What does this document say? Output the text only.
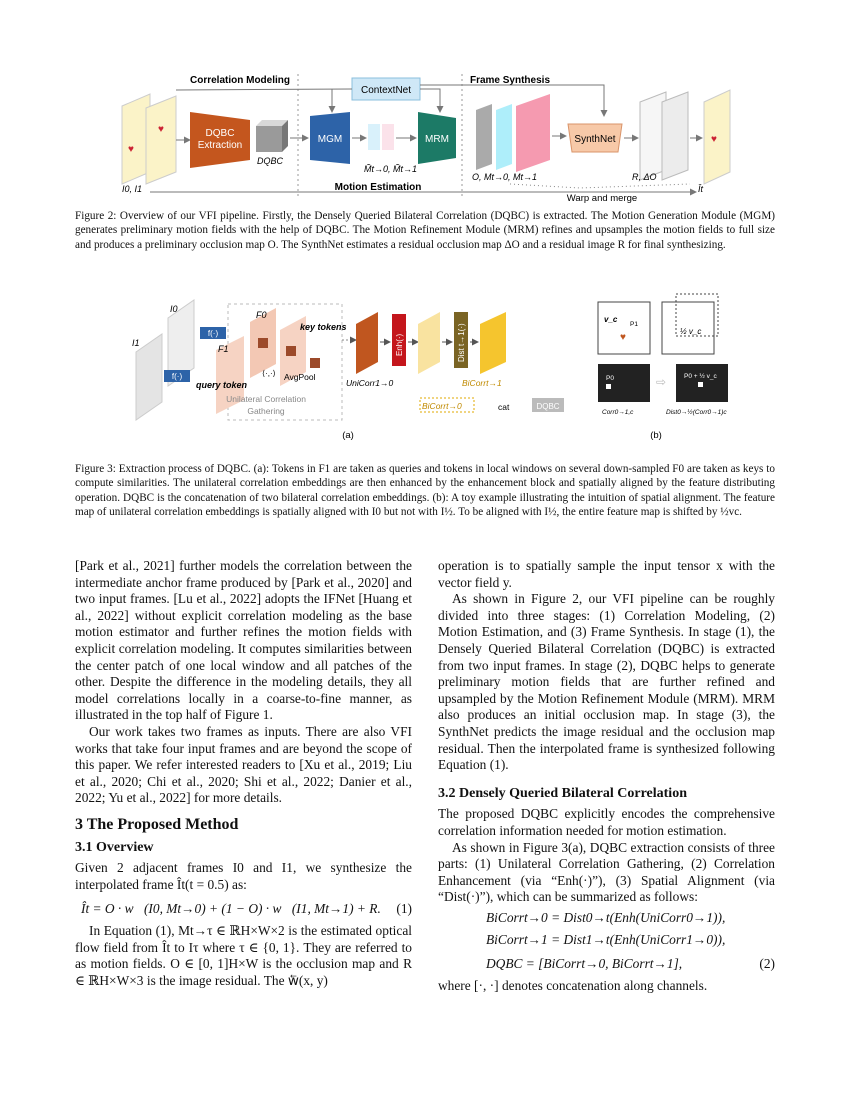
Correlation Modeling	Frame Synthesis
♥
♥
I0, I1
DQBC
Extraction
DQBC
ContextNet
MGM
M̃t→0, M̃t→1
MRM
O, Mt→0, Mt→1
SynthNet
R, ΔO
♥
Ît
Motion Estimation
Warp and merge
Figure 2: Overview of our VFI pipeline. Firstly, the Densely Queried Bilateral Correlation (DQBC) is extracted. The Motion Generation Module (MGM) generates preliminary motion fields with the help of DQBC. The Motion Refinement Module (MRM) refines and upsamples the motion fields to full size and produces a preliminary occlusion map O. The SynthNet estimates a residual occlusion map ΔO and a residual image R for final synthesizing.
I0
I1
f(·)
f(·)
F0
F1
key tokens
query token
⟨·,·⟩ AvgPool
Unilateral Correlation
Gathering
UniCorr1→0
Enh(·)	Dist t→1(·)
BiCorrt→1
BiCorrt→0	cat	DQBC
(a)
v_c
♥
P1
½ v_c
P0	⇨	P0 + ½ v_c
Corr0→1,c	Dist0→½(Corr0→1)c
(b)
Figure 3: Extraction process of DQBC. (a): Tokens in F1 are taken as queries and tokens in local windows on several down-sampled F0 are taken as keys to compute similarities. The unilateral correlation embeddings are then enhanced by the enhancement block and spatially aligned by the feature distributing operation. DQBC is the concatenation of two bilateral correlation embeddings. (b): A toy example illustrating the intuition of spatial alignment. The feature map of unilateral correlation embeddings is spatially aligned with I0 but not with I½. To be aligned with I½, the entire feature map is shifted by ½vc.

[Park et al., 2021] further models the correlation between the intermediate anchor frame produced by [Park et al., 2020] and two input frames. [Lu et al., 2022] adopts the IFNet [Huang et al., 2022] without explicit correlation modeling as the base motion estimator and further refines the motion fields with explicit correlation modeling. It computes similarities between the center patch of one local window and all patches of the other. Despite the difference in the modeling details, they all model correlations locally in a coarse-to-fine manner, as illustrated in the top half of Figure 1.

Our work takes two frames as inputs. There are also VFI works that take four input frames and are beyond the scope of this paper. We refer interested readers to [Xu et al., 2019; Liu et al., 2020; Chi et al., 2020; Shi et al., 2022; Danier et al., 2022; Yu et al., 2022] for more details.

3 The Proposed Method
3.1 Overview

Given 2 adjacent frames I0 and I1, we synthesize the interpolated frame Ît(t = 0.5) as:

Ît = O · w⃖(I0, Mt→0) + (1 − O) · w⃖(I1, Mt→1) + R. (1)

In Equation (1), Mt→τ ∈ ℝH×W×2 is the estimated optical flow field from Ît to Iτ where τ ∈ {0, 1}. They are referred to as motion fields. O ∈ [0, 1]H×W is the occlusion map and R ∈ ℝH×W×3 is the image residual. The w⃖(x, y)

operation is to spatially sample the input tensor x with the vector field y.

As shown in Figure 2, our VFI pipeline can be roughly divided into three stages: (1) Correlation Modeling, (2) Motion Estimation, and (3) Frame Synthesis. In stage (1), the Densely Queried Bilateral Correlation (DQBC) is extracted from two input frames. In stage (2), DQBC helps to generate preliminary motion fields that are further refined and upsampled by the Motion Refinement Module (MRM). MRM also produces an initial occlusion map. In stage (3), the SynthNet predicts the image residual and the occlusion map residual. Then the interpolated frame is synthesized following Equation (1).

3.2 Densely Queried Bilateral Correlation

The proposed DQBC explicitly encodes the comprehensive correlation information needed for motion estimation.

As shown in Figure 3(a), DQBC extraction consists of three parts: (1) Unilateral Correlation Gathering, (2) Correlation Enhancement (via “Enh(·)”), (3) Spatial Alignment (via “Dist(·)”), which can be summarized as follows:

BiCorrt→0 = Dist0→t(Enh(UniCorr0→1)),
BiCorrt→1 = Dist1→t(Enh(UniCorr1→0)),
DQBC = [BiCorrt→0, BiCorrt→1],	(2)

where [·, ·] denotes concatenation along channels.
